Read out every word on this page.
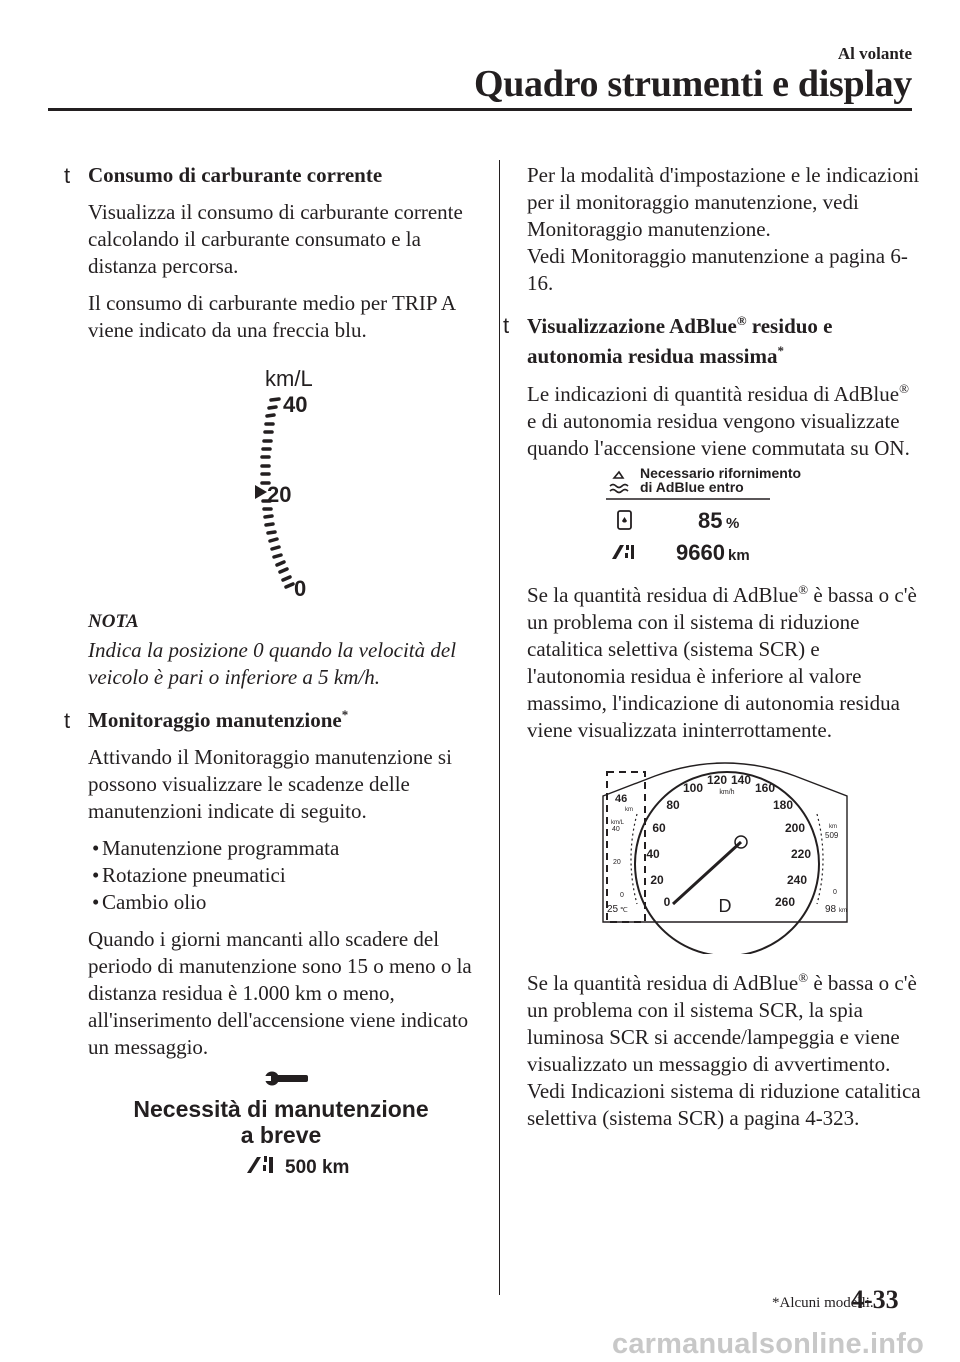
Al volante
Quadro strumenti e display
t Consumo di carburante corrente

Visualizza il consumo di carburante corrente calcolando il carburante consumato e la distanza percorsa.

Il consumo di carburante medio per TRIP A viene indicato da una freccia blu.

km/L
40
20
0
NOTA

Indica la posizione 0 quando la velocità del veicolo è pari o inferiore a 5 km/h.

t Monitoraggio manutenzione*

Attivando il Monitoraggio manutenzione si possono visualizzare le scadenze delle manutenzioni indicate di seguito.

• Manutenzione programmata
• Rotazione pneumatici
• Cambio olio

Quando i giorni mancanti allo scadere del periodo di manutenzione sono 15 o meno o la distanza residua è 1.000 km o meno, all'inserimento dell'accensione viene indicato un messaggio.

Necessità di manutenzione
a breve
500 km

Per la modalità d'impostazione e le indicazioni per il monitoraggio manutenzione, vedi Monitoraggio manutenzione.

Vedi Monitoraggio manutenzione a pagina 6-16.

t Visualizzazione AdBlue® residuo e autonomia residua massima*

Le indicazioni di quantità residua di AdBlue® e di autonomia residua vengono visualizzate quando l'accensione viene commutata su ON.

Necessario rifornimento
di AdBlue entro
85 %
9660 km

Se la quantità residua di AdBlue® è bassa o c'è un problema con il sistema di riduzione catalitica selettiva (sistema SCR) e l'autonomia residua è inferiore al valore massimo, l'indicazione di autonomia residua viene visualizzata ininterrottamente.

0
20
40
60
80
100
120 140
160
180
200
220
240
260
km/h
D
46
km
km/L
40
20
0
25 ℃
km
509
0
98 km

Se la quantità residua di AdBlue® è bassa o c'è un problema con il sistema SCR, la spia luminosa SCR si accende/lampeggia e viene visualizzato un messaggio di avvertimento.

Vedi Indicazioni sistema di riduzione catalitica selettiva (sistema SCR) a pagina 4-323.

*Alcuni modelli.
4-33
carmanualsonline.info
